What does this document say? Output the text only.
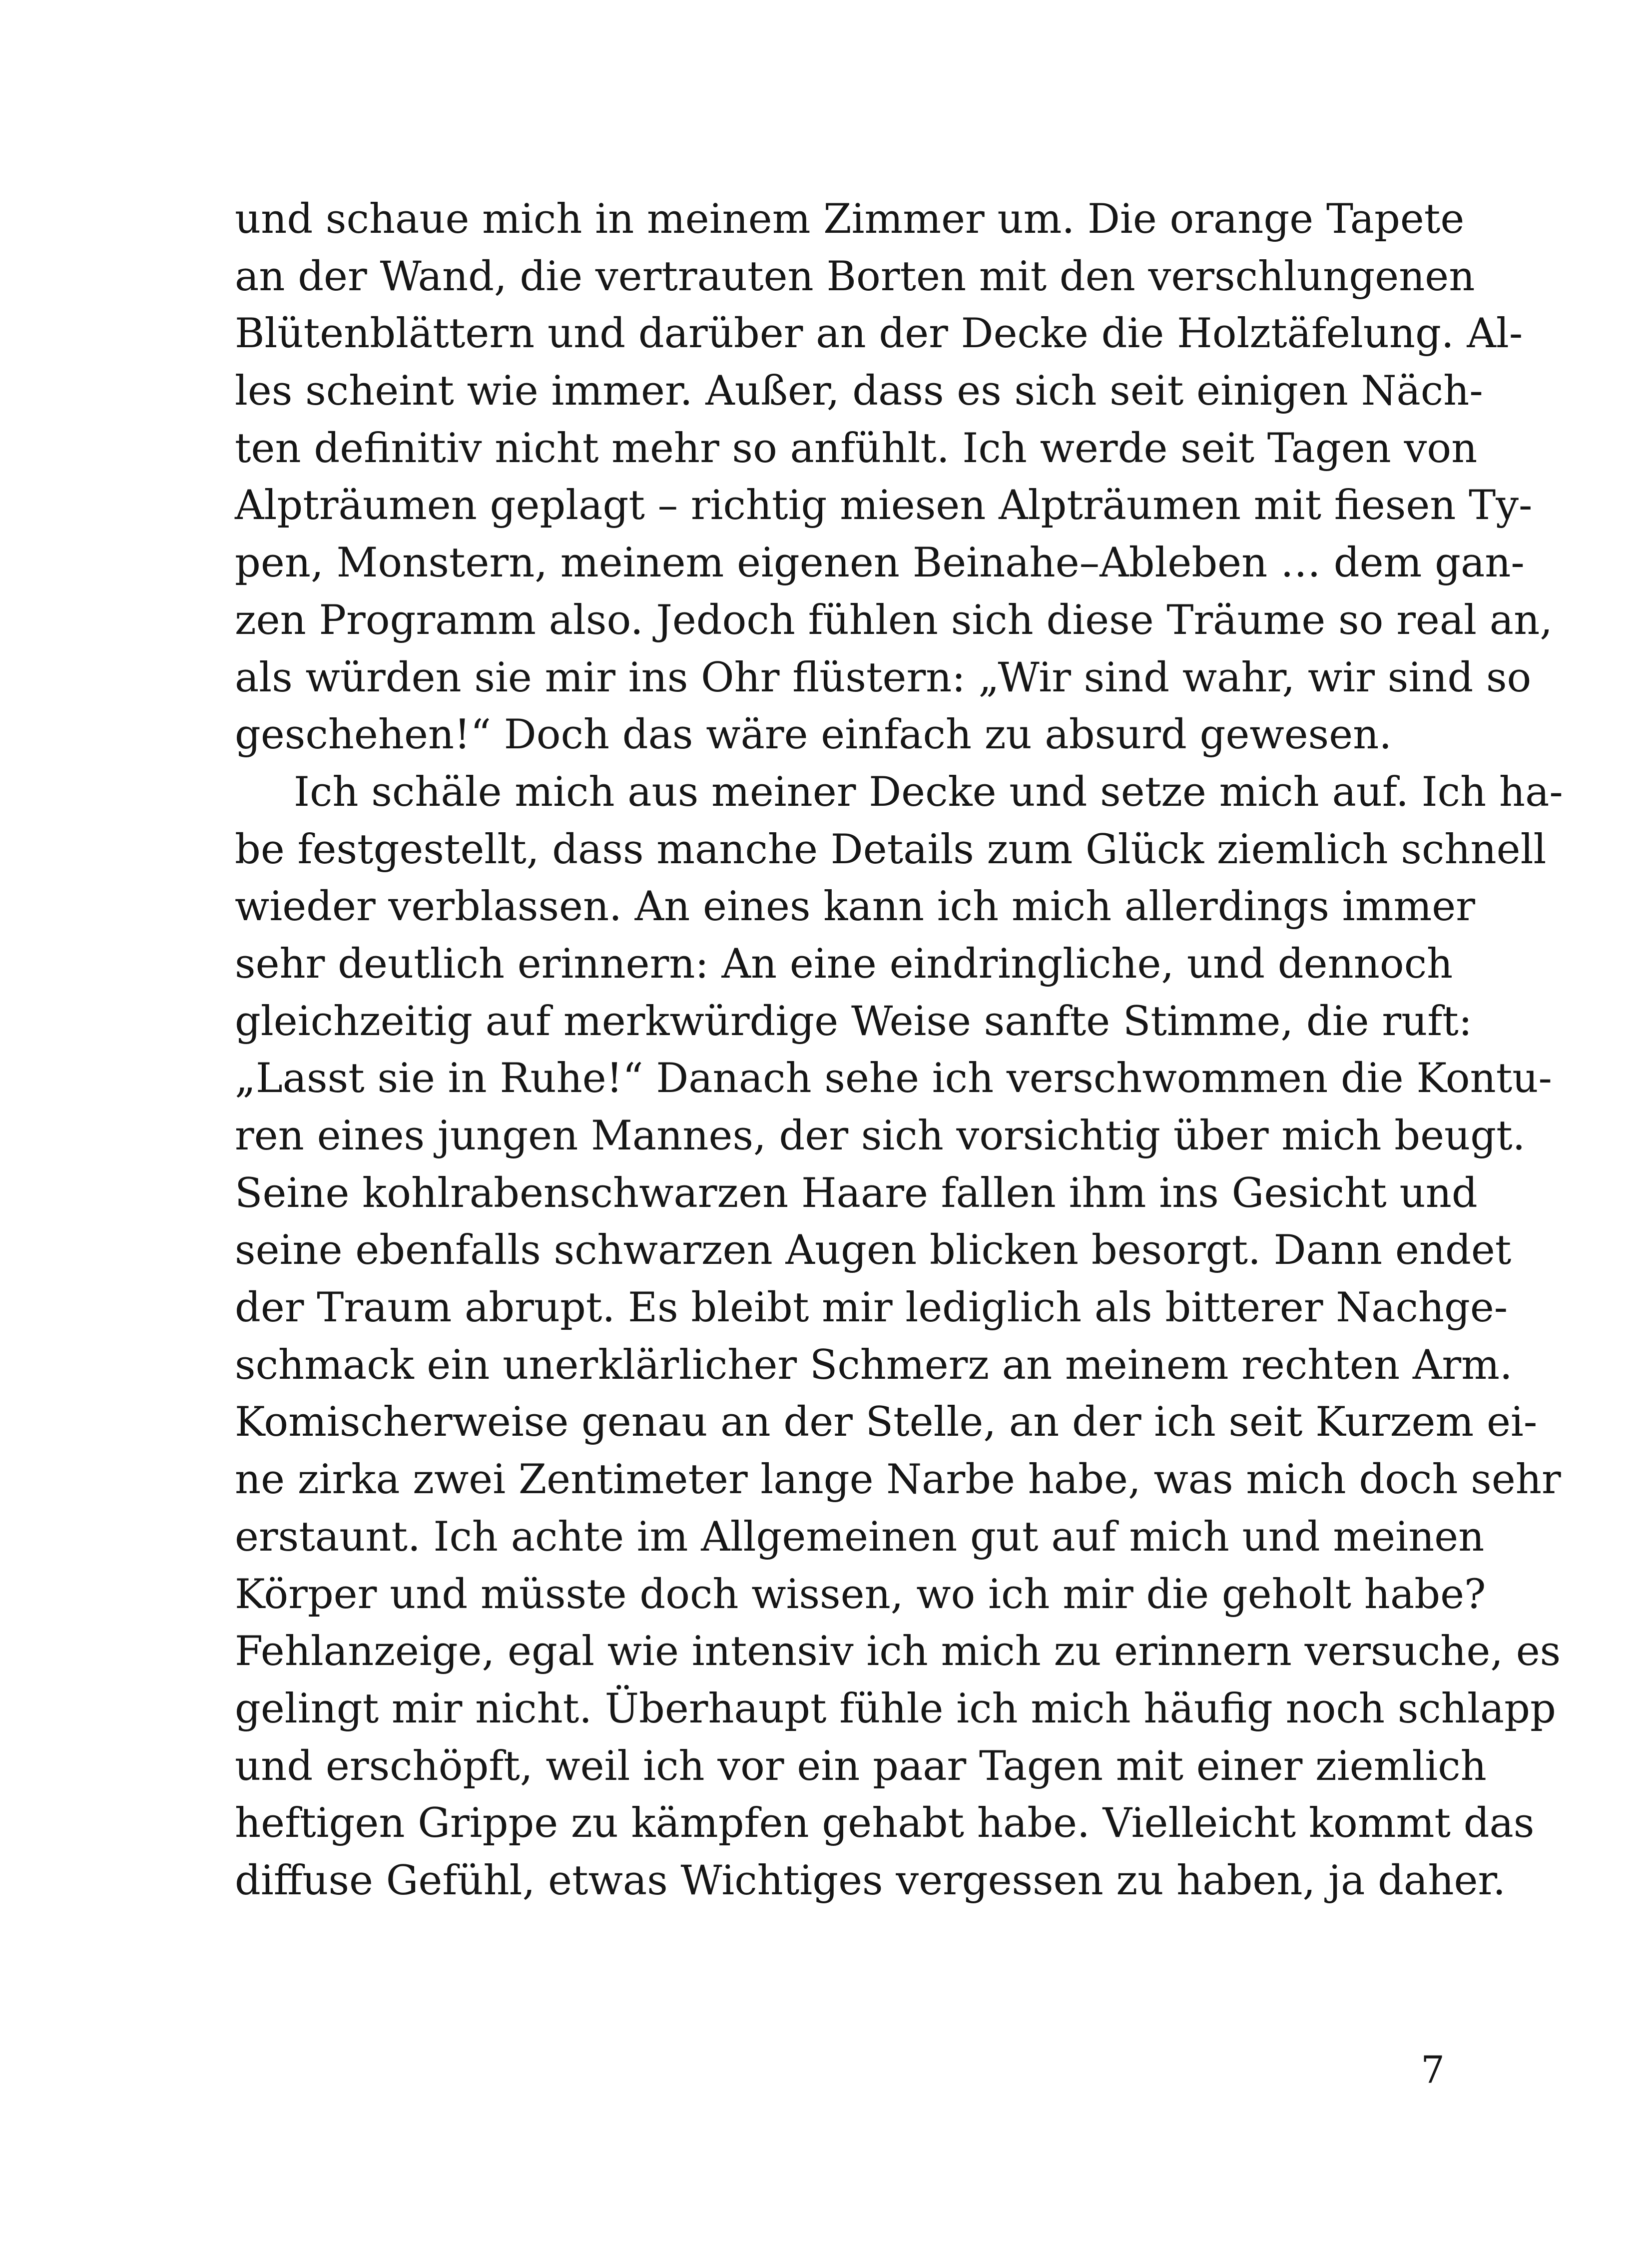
und schaue mich in meinem Zimmer um. Die orange Tapete
an der Wand, die vertrauten Borten mit den verschlungenen
Blütenblättern und darüber an der Decke die Holztäfelung. Al-
les scheint wie immer. Außer, dass es sich seit einigen Näch-
ten definitiv nicht mehr so anfühlt. Ich werde seit Tagen von
Alpträumen geplagt – richtig miesen Alpträumen mit fiesen Ty-
pen, Monstern, meinem eigenen Beinahe–Ableben … dem gan-
zen Programm also. Jedoch fühlen sich diese Träume so real an,
als würden sie mir ins Ohr flüstern: „Wir sind wahr, wir sind so
geschehen!“ Doch das wäre einfach zu absurd gewesen.
Ich schäle mich aus meiner Decke und setze mich auf. Ich ha-
be festgestellt, dass manche Details zum Glück ziemlich schnell
wieder verblassen. An eines kann ich mich allerdings immer
sehr deutlich erinnern: An eine eindringliche, und dennoch
gleichzeitig auf merkwürdige Weise sanfte Stimme, die ruft:
„Lasst sie in Ruhe!“ Danach sehe ich verschwommen die Kontu-
ren eines jungen Mannes, der sich vorsichtig über mich beugt.
Seine kohlrabenschwarzen Haare fallen ihm ins Gesicht und
seine ebenfalls schwarzen Augen blicken besorgt. Dann endet
der Traum abrupt. Es bleibt mir lediglich als bitterer Nachge-
schmack ein unerklärlicher Schmerz an meinem rechten Arm.
Komischerweise genau an der Stelle, an der ich seit Kurzem ei-
ne zirka zwei Zentimeter lange Narbe habe, was mich doch sehr
erstaunt. Ich achte im Allgemeinen gut auf mich und meinen
Körper und müsste doch wissen, wo ich mir die geholt habe?
Fehlanzeige, egal wie intensiv ich mich zu erinnern versuche, es
gelingt mir nicht. Überhaupt fühle ich mich häufig noch schlapp
und erschöpft, weil ich vor ein paar Tagen mit einer ziemlich
heftigen Grippe zu kämpfen gehabt habe. Vielleicht kommt das
diffuse Gefühl, etwas Wichtiges vergessen zu haben, ja daher.
7
